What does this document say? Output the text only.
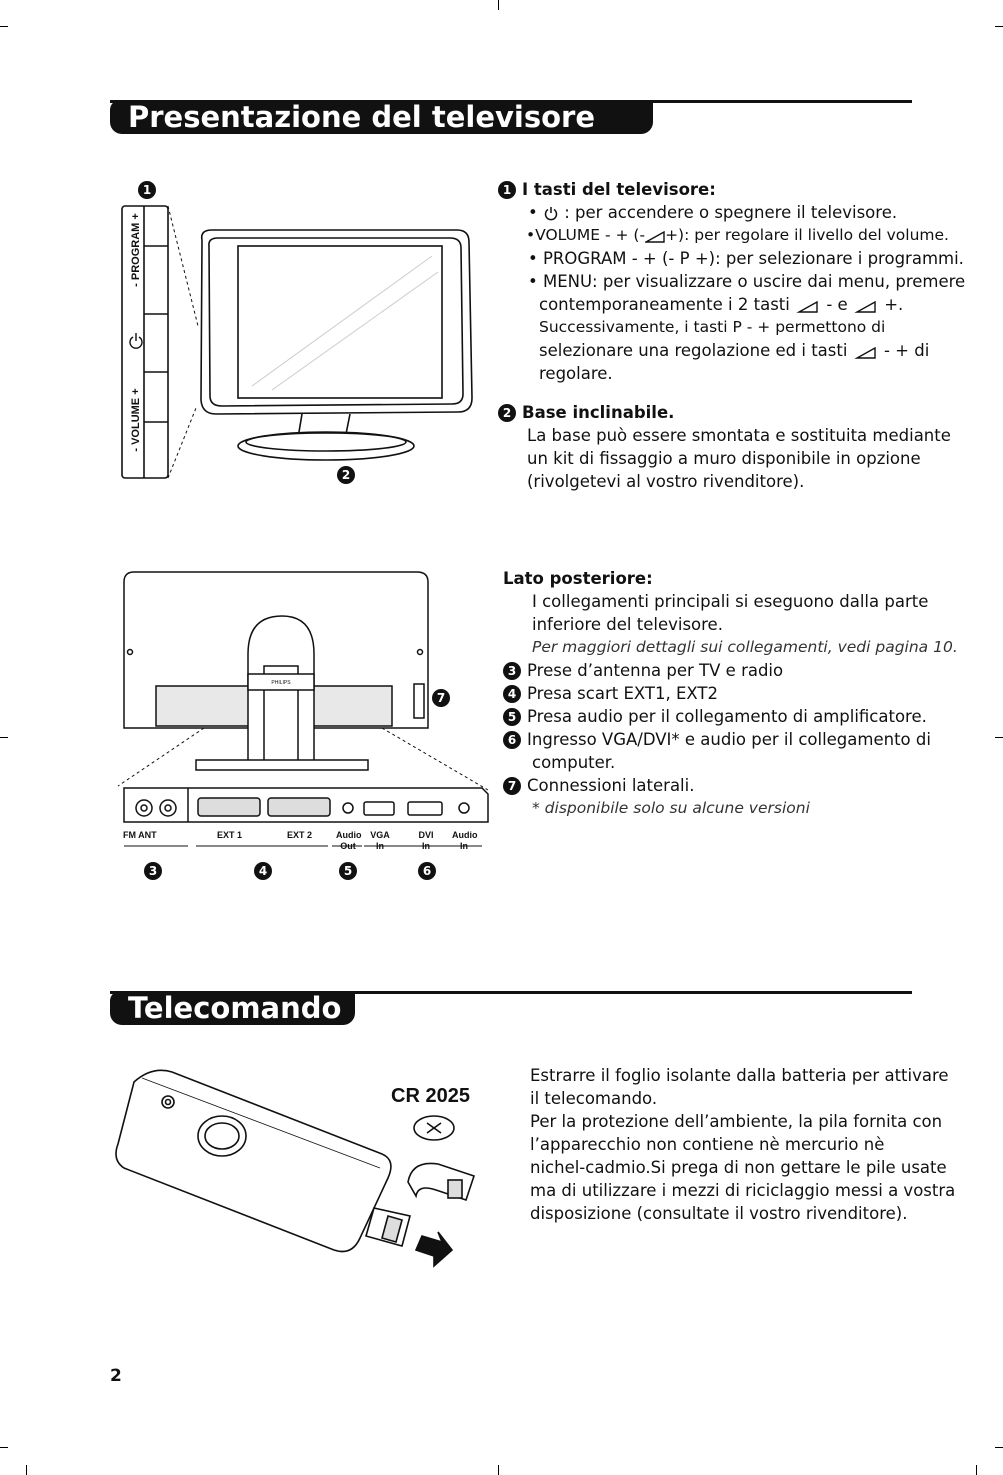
Presentazione del televisore LCD
- PROGRAM +
- VOLUME +
1
2
1 I tasti del televisore:
•  : per accendere o spegnere il televisore.
•VOLUME - + (- +): per regolare il livello del volume.
• PROGRAM - + (- P +): per selezionare i programmi.
• MENU: per visualizzare o uscire dai menu, premere
contemporaneamente i 2 tasti - e +.
Successivamente, i tasti P - + permettono di
selezionare una regolazione ed i tasti - + di
regolare.
2 Base inclinabile.
La base può essere smontata e sostituita mediante
un kit di fissaggio a muro disponibile in opzione
(rivolgetevi al vostro rivenditore).
PHILIPS
FM ANT	EXT 1	EXT 2	Audio
Out
VGA
In
DVI
In
Audio
In
3	4	5	6
7
Lato posteriore:
I collegamenti principali si eseguono dalla parte
inferiore del televisore.
Per maggiori dettagli sui collegamenti, vedi pagina 10.
3 Prese d’antenna per TV e radio
4 Presa scart EXT1, EXT2
5 Presa audio per il collegamento di amplificatore.
6 Ingresso VGA/DVI* e audio per il collegamento di
computer.
7 Connessioni laterali.
* disponibile solo su alcune versioni
Telecomando
CR 2025
Estrarre il foglio isolante dalla batteria per attivare
il telecomando.
Per la protezione dell’ambiente, la pila fornita con
l’apparecchio non contiene nè mercurio nè
nichel-cadmio.Si prega di non gettare le pile usate
ma di utilizzare i mezzi di riciclaggio messi a vostra
disposizione (consultate il vostro rivenditore).
2
